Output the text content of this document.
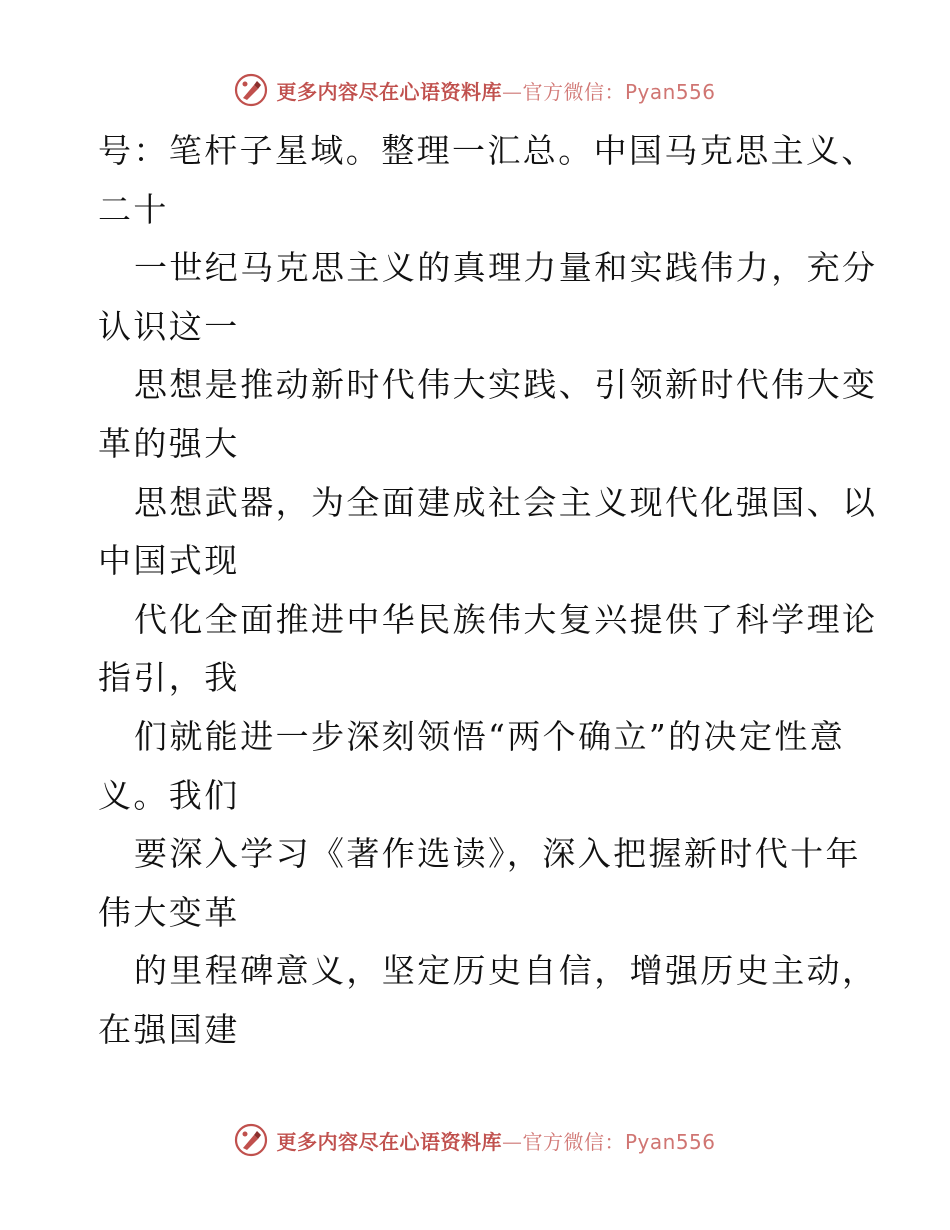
更多内容尽在心语资料库—官方微信：Pyan556
号：笔杆子星域。整理一汇总。中国马克思主义、
二十
一世纪马克思主义的真理力量和实践伟力，充分
认识这一
思想是推动新时代伟大实践、引领新时代伟大变
革的强大
思想武器，为全面建成社会主义现代化强国、以
中国式现
代化全面推进中华民族伟大复兴提供了科学理论
指引，我
们就能进一步深刻领悟“两个确立”的决定性意
义。我们
要深入学习《著作选读》，深入把握新时代十年
伟大变革
的里程碑意义，坚定历史自信，增强历史主动，
在强国建
更多内容尽在心语资料库—官方微信：Pyan556
